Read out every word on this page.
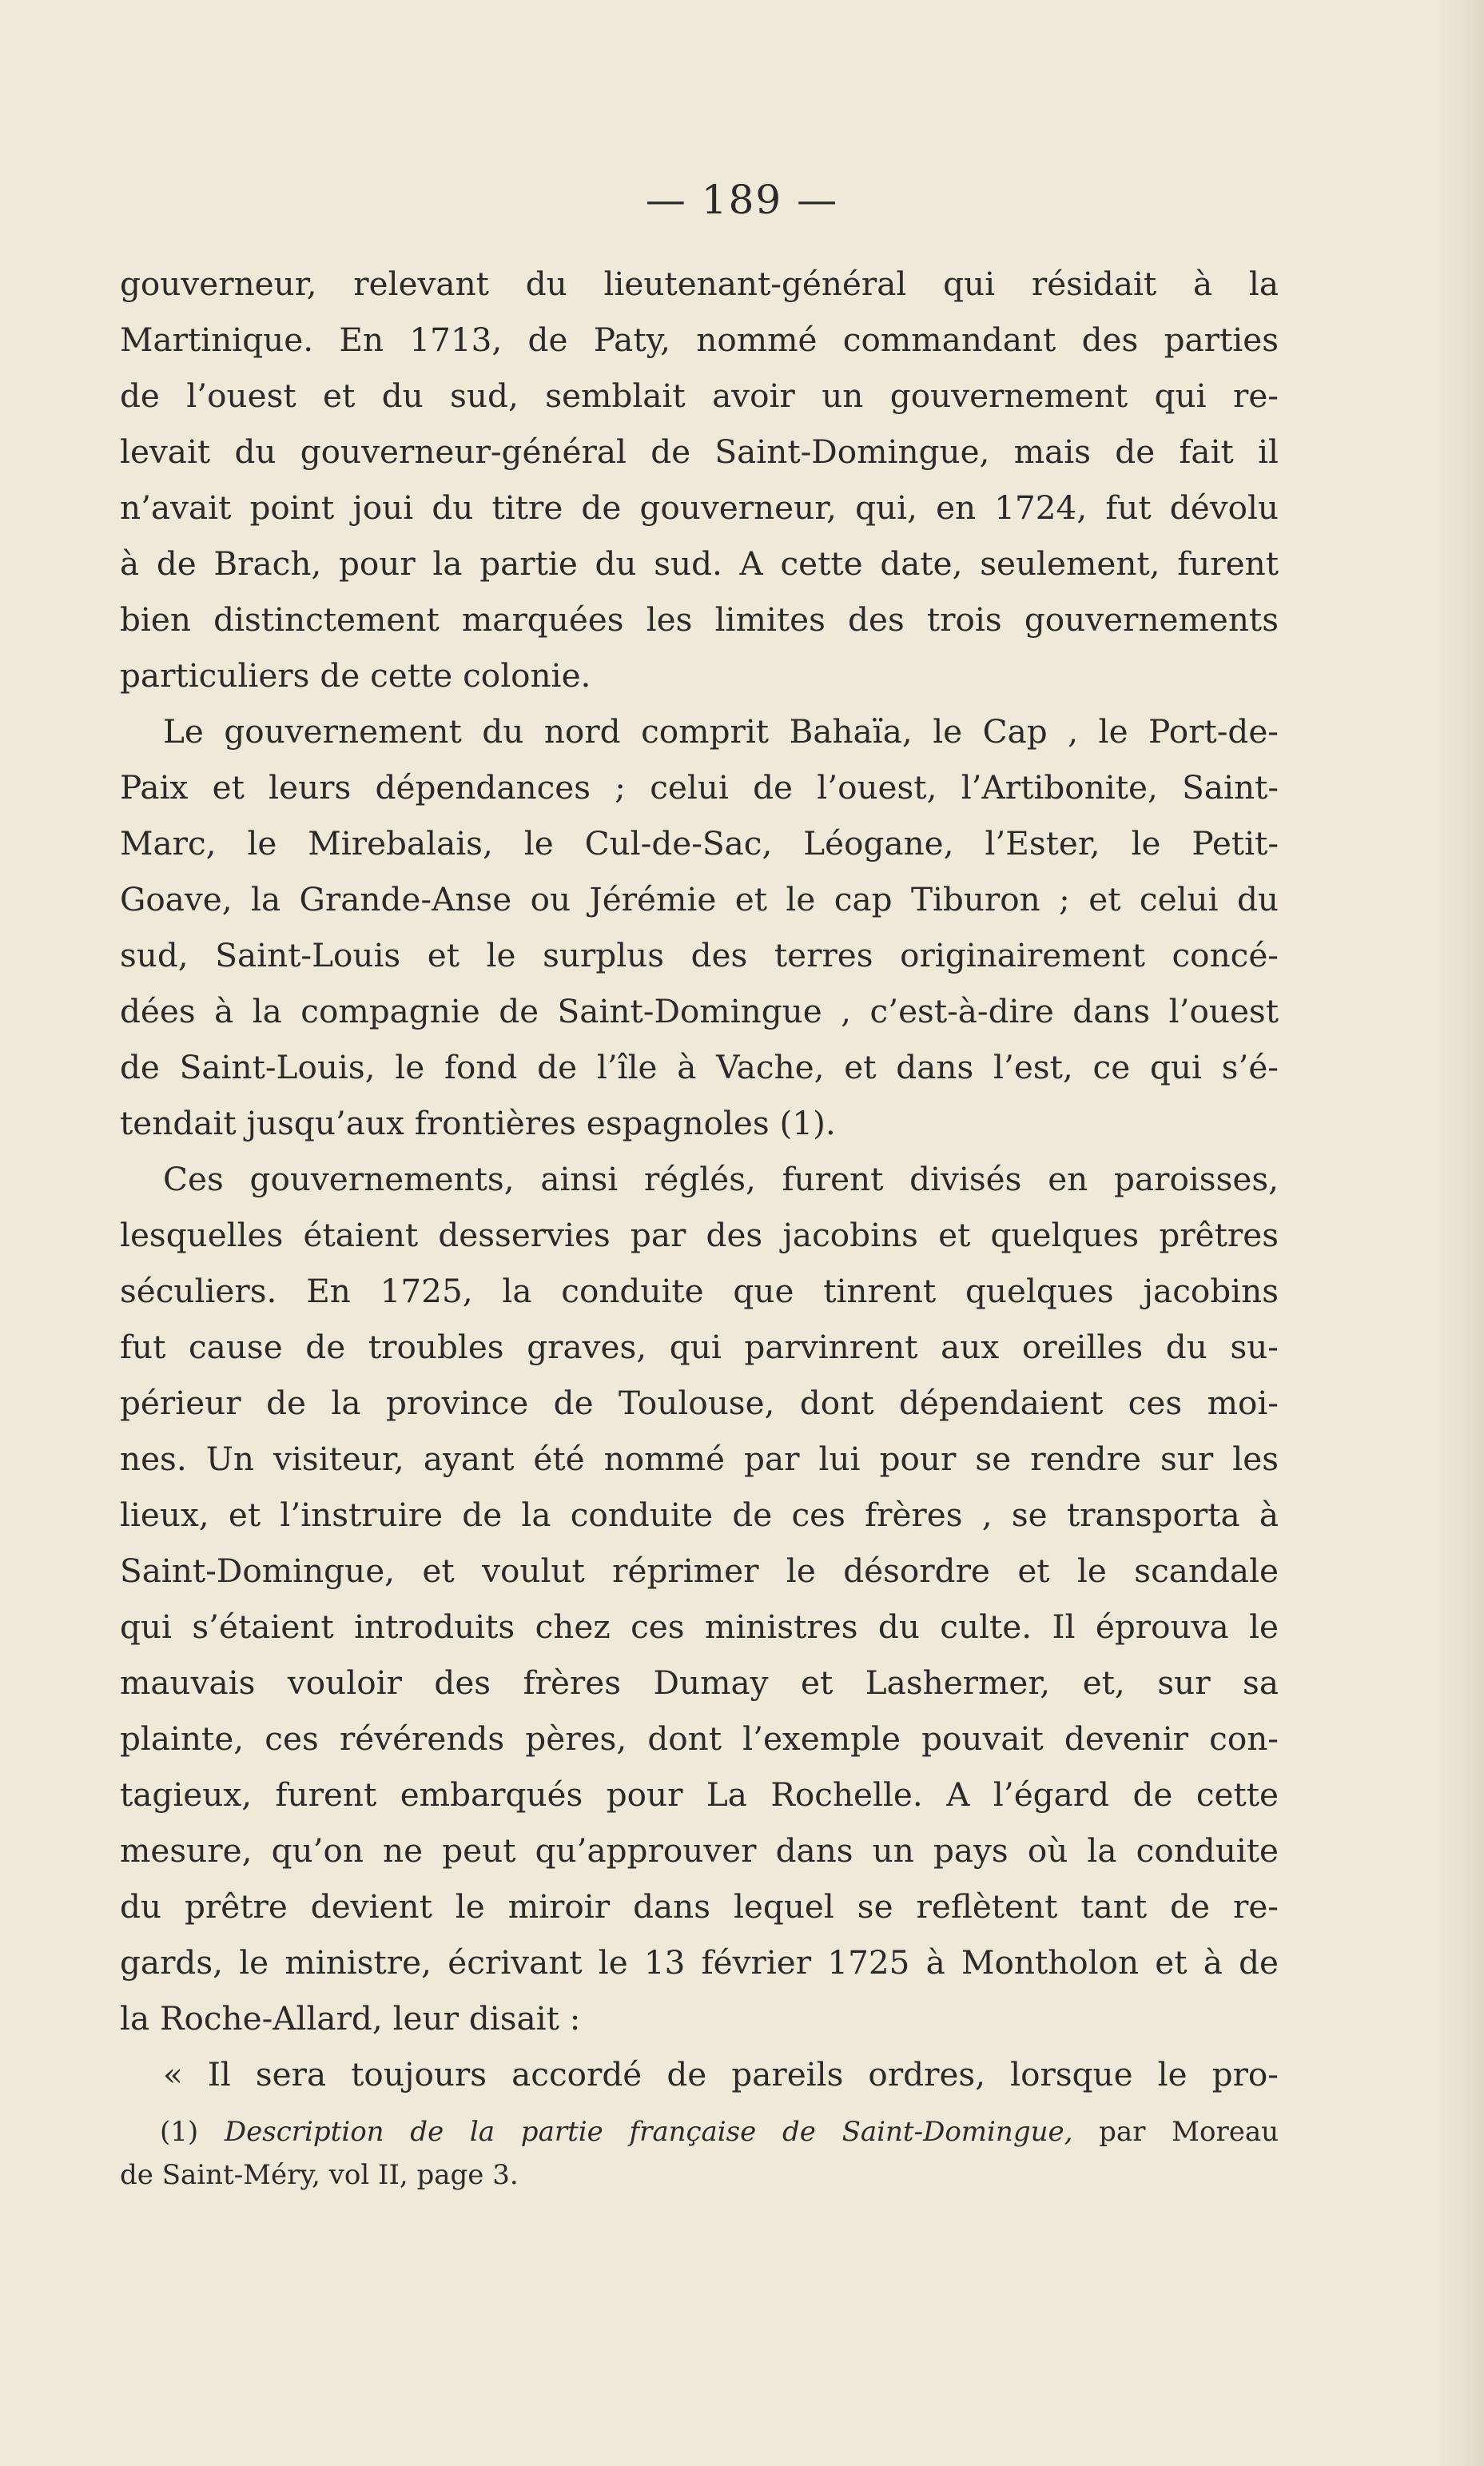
— 189 —
gouverneur, relevant du lieutenant-général qui résidait à la
Martinique. En 1713, de Paty, nommé commandant des parties
de l’ouest et du sud, semblait avoir un gouvernement qui re-
levait du gouverneur-général de Saint-Domingue, mais de fait il
n’avait point joui du titre de gouverneur, qui, en 1724, fut dévolu
à de Brach, pour la partie du sud. A cette date, seulement, furent
bien distinctement marquées les limites des trois gouvernements
particuliers de cette colonie.
Le gouvernement du nord comprit Bahaïa, le Cap , le Port-de-
Paix et leurs dépendances ; celui de l’ouest, l’Artibonite, Saint-
Marc, le Mirebalais, le Cul-de-Sac, Léogane, l’Ester, le Petit-
Goave, la Grande-Anse ou Jérémie et le cap Tiburon ; et celui du
sud, Saint-Louis et le surplus des terres originairement concé-
dées à la compagnie de Saint-Domingue , c’est-à-dire dans l’ouest
de Saint-Louis, le fond de l’île à Vache, et dans l’est, ce qui s’é-
tendait jusqu’aux frontières espagnoles (1).
Ces gouvernements, ainsi réglés, furent divisés en paroisses,
lesquelles étaient desservies par des jacobins et quelques prêtres
séculiers. En 1725, la conduite que tinrent quelques jacobins
fut cause de troubles graves, qui parvinrent aux oreilles du su-
périeur de la province de Toulouse, dont dépendaient ces moi-
nes. Un visiteur, ayant été nommé par lui pour se rendre sur les
lieux, et l’instruire de la conduite de ces frères , se transporta à
Saint-Domingue, et voulut réprimer le désordre et le scandale
qui s’étaient introduits chez ces ministres du culte. Il éprouva le
mauvais vouloir des frères Dumay et Lashermer, et, sur sa
plainte, ces révérends pères, dont l’exemple pouvait devenir con-
tagieux, furent embarqués pour La Rochelle. A l’égard de cette
mesure, qu’on ne peut qu’approuver dans un pays où la conduite
du prêtre devient le miroir dans lequel se reflètent tant de re-
gards, le ministre, écrivant le 13 février 1725 à Montholon et à de
la Roche-Allard, leur disait :
« Il sera toujours accordé de pareils ordres, lorsque le pro-
(1) Description de la partie française de Saint-Domingue, par Moreau
de Saint-Méry, vol II, page 3.
